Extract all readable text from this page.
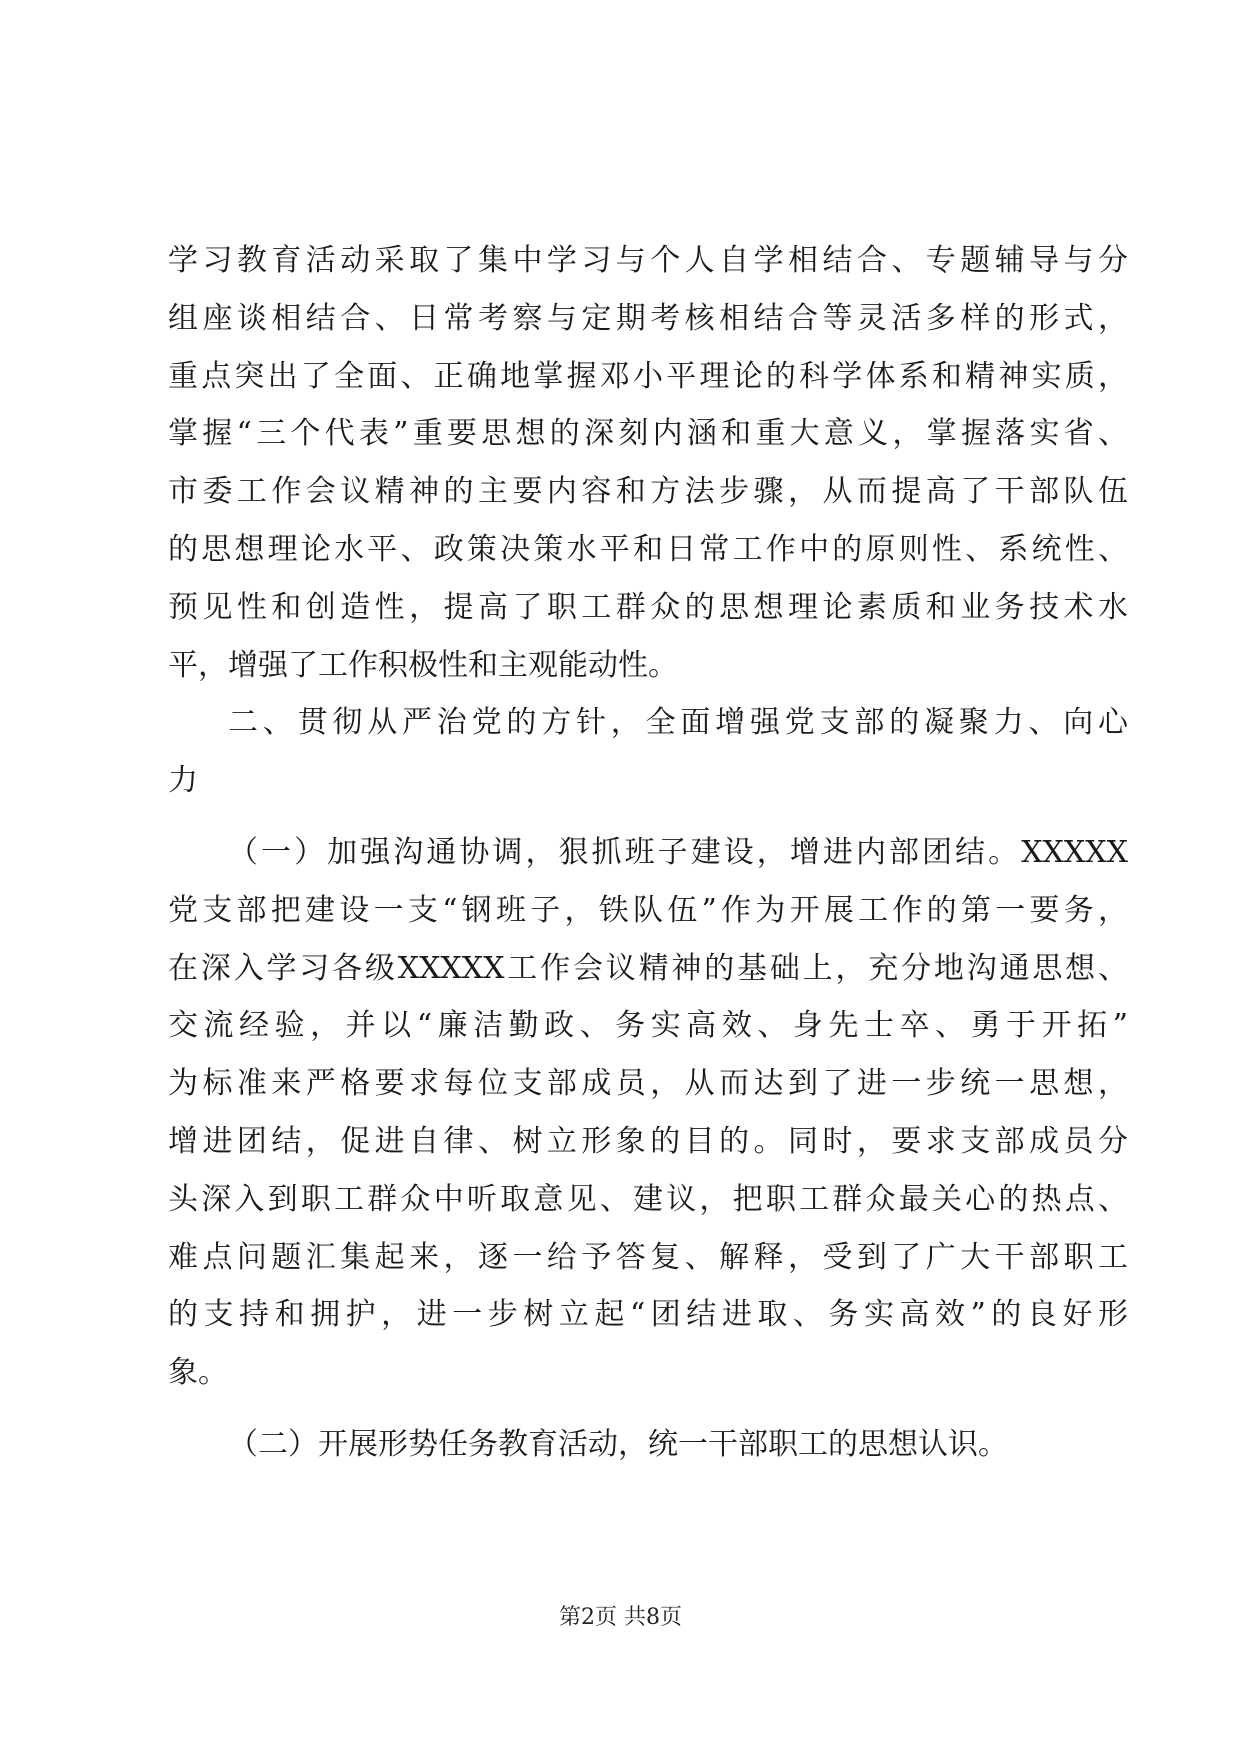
学习教育活动采取了集中学习与个人自学相结合、专题辅导与分
组座谈相结合、日常考察与定期考核相结合等灵活多样的形式，
重点突出了全面、正确地掌握邓小平理论的科学体系和精神实质，
掌握“三个代表”重要思想的深刻内涵和重大意义，掌握落实省、
市委工作会议精神的主要内容和方法步骤，从而提高了干部队伍
的思想理论水平、政策决策水平和日常工作中的原则性、系统性、
预见性和创造性，提高了职工群众的思想理论素质和业务技术水
平，增强了工作积极性和主观能动性。
二、贯彻从严治党的方针，全面增强党支部的凝聚力、向心
力
（一）加强沟通协调，狠抓班子建设，增进内部团结。XXXXX
党支部把建设一支“钢班子，铁队伍”作为开展工作的第一要务，
在深入学习各级XXXXX工作会议精神的基础上，充分地沟通思想、
交流经验，并以“廉洁勤政、务实高效、身先士卒、勇于开拓”
为标准来严格要求每位支部成员，从而达到了进一步统一思想，
增进团结，促进自律、树立形象的目的。同时，要求支部成员分
头深入到职工群众中听取意见、建议，把职工群众最关心的热点、
难点问题汇集起来，逐一给予答复、解释，受到了广大干部职工
的支持和拥护，进一步树立起“团结进取、务实高效”的良好形
象。
（二）开展形势任务教育活动，统一干部职工的思想认识。
第2页 共8页
